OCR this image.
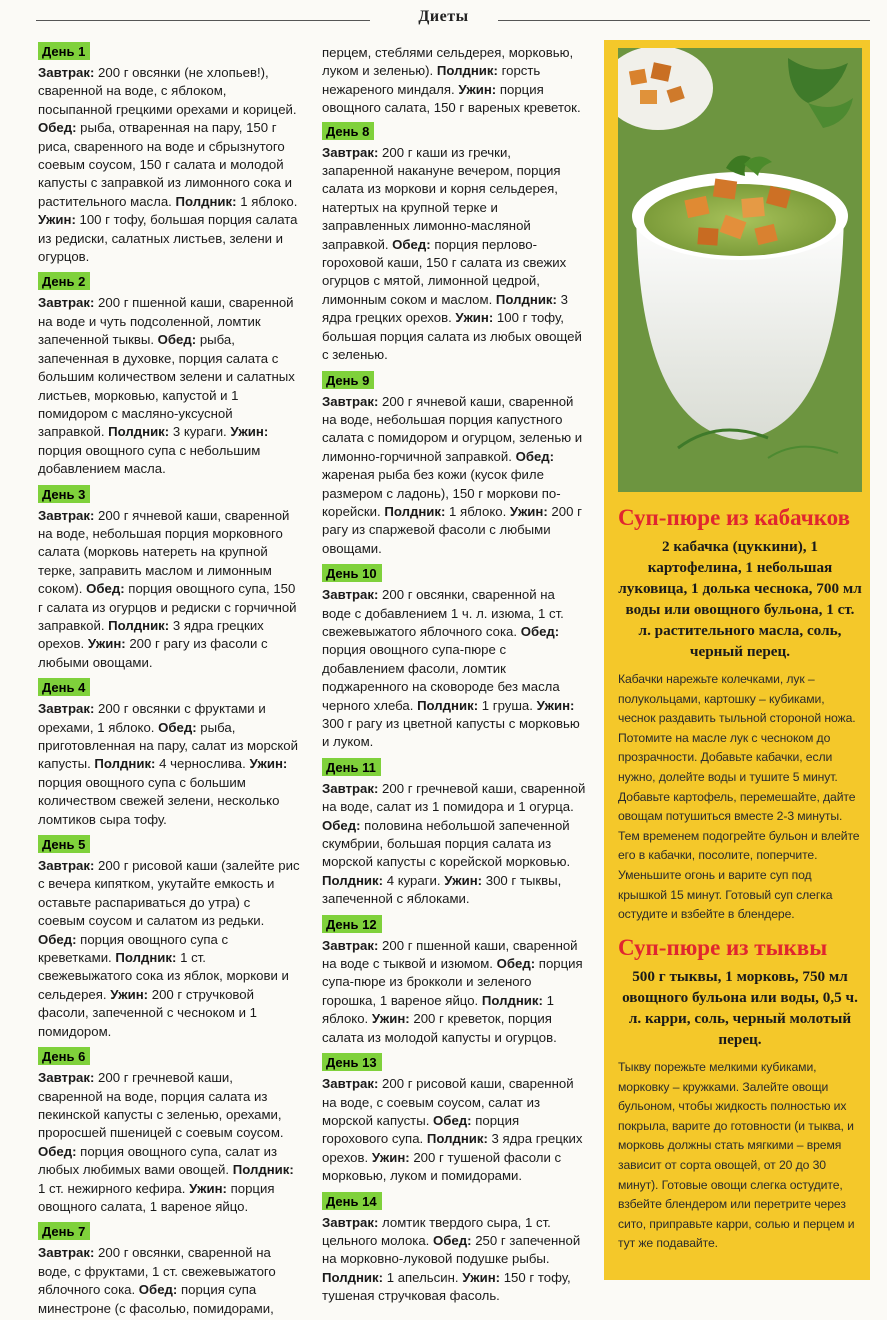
Диеты
День 1

Завтрак: 200 г овсянки (не хлопьев!), сваренной на воде, с яблоком, посыпанной грецкими орехами и корицей. Обед: рыба, отваренная на пару, 150 г риса, сваренного на воде и сбрызнутого соевым соусом, 150 г салата и молодой капусты с заправкой из лимонного сока и растительного масла. Полдник: 1 яблоко. Ужин: 100 г тофу, большая порция салата из редиски, салатных листьев, зелени и огурцов.

День 2

Завтрак: 200 г пшенной каши, сваренной на воде и чуть подсоленной, ломтик запеченной тыквы. Обед: рыба, запеченная в духовке, порция салата с большим количеством зелени и салатных листьев, морковью, капустой и 1 помидором с масляно-уксусной заправкой. Полдник: 3 кураги. Ужин: порция овощного супа с небольшим добавлением масла.

День 3

Завтрак: 200 г ячневой каши, сваренной на воде, небольшая порция морковного салата (морковь натереть на крупной терке, заправить маслом и лимонным соком). Обед: порция овощного супа, 150 г салата из огурцов и редиски с горчичной заправкой. Полдник: 3 ядра грецких орехов. Ужин: 200 г рагу из фасоли с любыми овощами.

День 4

Завтрак: 200 г овсянки с фруктами и орехами, 1 яблоко. Обед: рыба, приготовленная на пару, салат из морской капусты. Полдник: 4 чернослива. Ужин: порция овощного супа с большим количеством свежей зелени, несколько ломтиков сыра тофу.

День 5

Завтрак: 200 г рисовой каши (залейте рис с вечера кипятком, укутайте емкость и оставьте распариваться до утра) с соевым соусом и салатом из редьки. Обед: порция овощного супа с креветками. Полдник: 1 ст. свежевыжатого сока из яблок, моркови и сельдерея. Ужин: 200 г стручковой фасоли, запеченной с чесноком и 1 помидором.

День 6

Завтрак: 200 г гречневой каши, сваренной на воде, порция салата из пекинской капусты с зеленью, орехами, проросшей пшеницей с соевым соусом. Обед: порция овощного супа, салат из любых любимых вами овощей. Полдник: 1 ст. нежирного кефира. Ужин: порция овощного салата, 1 вареное яйцо.

День 7

Завтрак: 200 г овсянки, сваренной на воде, с фруктами, 1 ст. свежевыжатого яблочного сока. Обед: порция супа минестроне (с фасолью, помидорами,

перцем, стеблями сельдерея, морковью, луком и зеленью). Полдник: горсть нежареного миндаля. Ужин: порция овощного салата, 150 г вареных креветок.

День 8

Завтрак: 200 г каши из гречки, запаренной накануне вечером, порция салата из моркови и корня сельдерея, натертых на крупной терке и заправленных лимонно-масляной заправкой. Обед: порция перлово-гороховой каши, 150 г салата из свежих огурцов с мятой, лимонной цедрой, лимонным соком и маслом. Полдник: 3 ядра грецких орехов. Ужин: 100 г тофу, большая порция салата из любых овощей с зеленью.

День 9

Завтрак: 200 г ячневой каши, сваренной на воде, небольшая порция капустного салата с помидором и огурцом, зеленью и лимонно-горчичной заправкой. Обед: жареная рыба без кожи (кусок филе размером с ладонь), 150 г моркови по-корейски. Полдник: 1 яблоко. Ужин: 200 г рагу из спаржевой фасоли с любыми овощами.

День 10

Завтрак: 200 г овсянки, сваренной на воде с добавлением 1 ч. л. изюма, 1 ст. свежевыжатого яблочного сока. Обед: порция овощного супа-пюре с добавлением фасоли, ломтик поджаренного на сковороде без масла черного хлеба. Полдник: 1 груша. Ужин: 300 г рагу из цветной капусты с морковью и луком.

День 11

Завтрак: 200 г гречневой каши, сваренной на воде, салат из 1 помидора и 1 огурца. Обед: половина небольшой запеченной скумбрии, большая порция салата из морской капусты с корейской морковью. Полдник: 4 кураги. Ужин: 300 г тыквы, запеченной с яблоками.

День 12

Завтрак: 200 г пшенной каши, сваренной на воде с тыквой и изюмом. Обед: порция супа-пюре из брокколи и зеленого горошка, 1 вареное яйцо. Полдник: 1 яблоко. Ужин: 200 г креветок, порция салата из молодой капусты и огурцов.

День 13

Завтрак: 200 г рисовой каши, сваренной на воде, с соевым соусом, салат из морской капусты. Обед: порция горохового супа. Полдник: 3 ядра грецких орехов. Ужин: 200 г тушеной фасоли с морковью, луком и помидорами.

День 14

Завтрак: ломтик твердого сыра, 1 ст. цельного молока. Обед: 250 г запеченной на морковно-луковой подушке рыбы. Полдник: 1 апельсин. Ужин: 150 г тофу, тушеная стручковая фасоль.

Суп-пюре из кабачков

2 кабачка (цуккини), 1 картофелина, 1 небольшая луковица, 1 долька чеснока, 700 мл воды или овощного бульона, 1 ст. л. растительного масла, соль, черный перец.

Кабачки нарежьте колечками, лук – полукольцами, картошку – кубиками, чеснок раздавить тыльной стороной ножа. Потомите на масле лук с чесноком до прозрачности. Добавьте кабачки, если нужно, долейте воды и тушите 5 минут. Добавьте картофель, перемешайте, дайте овощам потушиться вместе 2-3 минуты. Тем временем подогрейте бульон и влейте его в кабачки, посолите, поперчите. Уменьшите огонь и варите суп под крышкой 15 минут. Готовый суп слегка остудите и взбейте в блендере.

Суп-пюре из тыквы

500 г тыквы, 1 морковь, 750 мл овощного бульона или воды, 0,5 ч. л. карри, соль, черный молотый перец.

Тыкву порежьте мелкими кубиками, морковку – кружками. Залейте овощи бульоном, чтобы жидкость полностью их покрыла, варите до готовности (и тыква, и морковь должны стать мягкими – время зависит от сорта овощей, от 20 до 30 минут). Готовые овощи слегка остудите, взбейте блендером или перетрите через сито, приправьте карри, солью и перцем и тут же подавайте.
